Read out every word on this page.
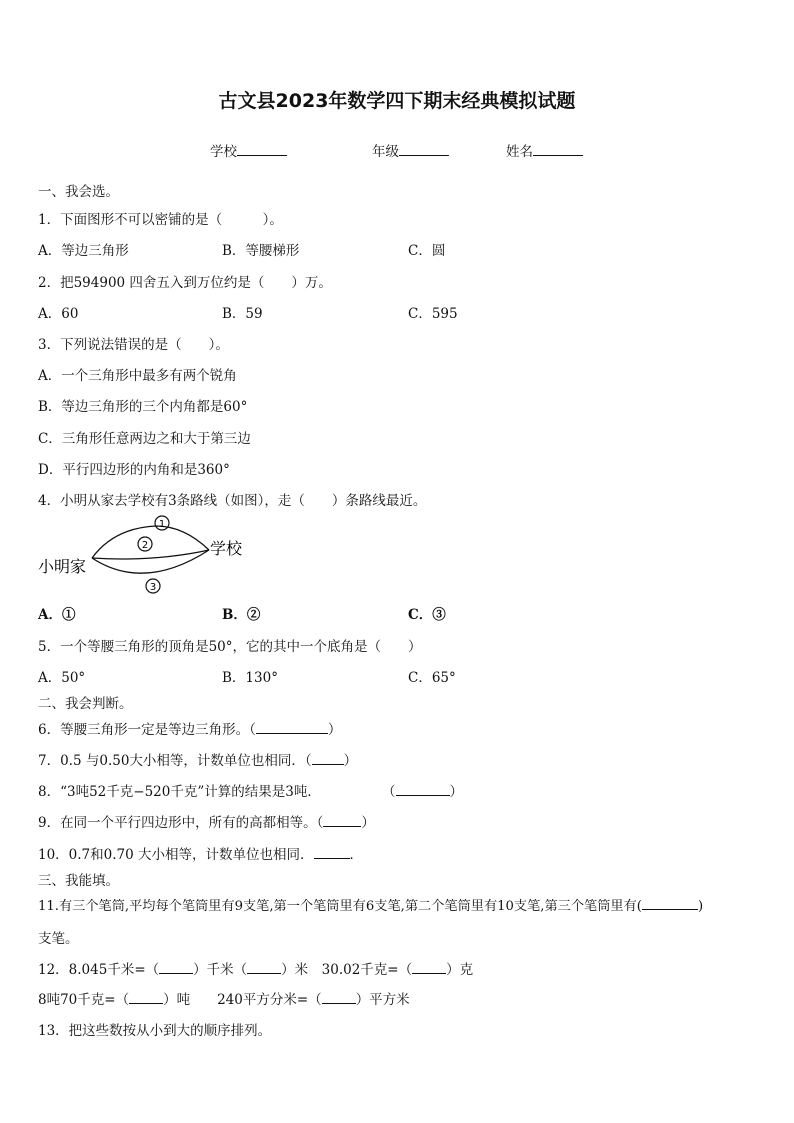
古文县2023年数学四下期末经典模拟试题
学校	年级	姓名
一、我会选。
1．下面图形不可以密铺的是（　　　）。
A．等边三角形	B．等腰梯形	C．圆
2．把594900 四舍五入到万位约是（　　）万。
A．60	B．59	C．595
3．下列说法错误的是（　　）。
A．一个三角形中最多有两个锐角
B．等边三角形的三个内角都是60°
C．三角形任意两边之和大于第三边
D．平行四边形的内角和是360°
4．小明从家去学校有3条路线（如图），走（　　）条路线最近。
1
2
3
小明家
学校
A．①	B．②	C．③
5．一个等腰三角形的顶角是50°，它的其中一个底角是（　　）
A．50°	B．130°	C．65°
二、我会判断。
6．等腰三角形一定是等边三角形。（	）
7．0.5 与0.50大小相等，计数单位也相同．（ ）
8．“3吨52千克−520千克”计算的结果是3吨．	（	）
9．在同一个平行四边形中，所有的高都相等。（	）
10．0.7和0.70 大小相等，计数单位也相同．	．
三、我能填。
11.有三个笔筒,平均每个笔筒里有9支笔,第一个笔筒里有6支笔,第二个笔筒里有10支笔,第三个笔筒里有(	)
支笔。
12．8.045千米=（	）千米（	）米　30.02千克=（	）克
8吨70千克=（	）吨　　240平方分米=（	）平方米
13．把这些数按从小到大的顺序排列。
